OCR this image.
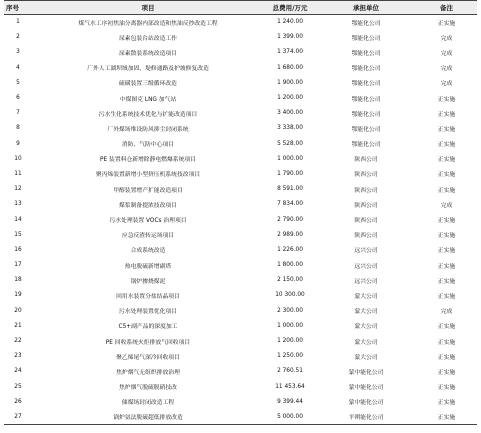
序号	项目	总费用/万元	承担单位	备注
1	煤气水工序初焦油分离器内部改造和焦油反抄改造工程	1 240.00	鄂能化公司	正实施
2	尿素包装台站改造工作	1 399.00	鄂能化公司	完成
3	尿素散装系统改造项目	1 374.00	鄂能化公司	完成
4	厂外人工湖坝域加固、堤修通路及护坡修复改造	1 680.00	鄂能化公司	完成
5	硫磺装置三级循环改造	1 900.00	鄂能化公司	完成
6	中煤图克 LNG 加气站	1 200.00	鄂能化公司	正实施
7	污水生化系统技术优化与扩能改造项目	3 400.00	鄂能化公司	正实施
8	厂外煤场堆设防风抑尘封闭系统	3 338.00	鄂能化公司	正实施
9	消防、气防中心项目	5 528.00	鄂能化公司	正实施
10	PE 装置料仓新增除静电燃爆系统项目	1 000.00	陕西公司	正实施
11	聚丙烯装置新增小型挤压机系统技改项目	1 790.00	陕西公司	正实施
12	甲醇装置增产扩能改造项目	8 591.00	陕西公司	正实施
13	煤浆制备提浓技改项目	7 834.00	陕西公司	完成
14	污水处理装置 VOCs 治理项目	2 790.00	陕西公司	正实施
15	应急反渣转运场项目	2 989.00	陕西公司	正实施
16	合成系统改造	1 226.00	远兴公司	正实施
17	热电脱硫新增副塔	1 800.00	远兴公司	正实施
18	锅炉掺烧煤泥	2 150.00	远兴公司	正实施
19	回用水装置分盐结晶项目	10 300.00	蒙大公司	正实施
20	污水处理装置优化项目	2 300.00	蒙大公司	完成
21	C5+副产品的深度加工	1 000.00	蒙大公司	正实施
22	PE 回收系统火炬排放气回收项目	1 200.00	蒙大公司	正实施
23	聚乙烯尾气深冷回收项目	1 250.00	蒙大公司	正实施
24	焦炉烟气无组织排放治理	2 760.51	蒙中能化公司	正实施
25	焦炉烟气脱硫脱硝技改	11 453.64	蒙中能化公司	正实施
26	储煤场封闭改造工程	9 399.44	蒙中能化公司	正实施
27	锅炉氨法脱硫超低排放改造	5 000.00	平朔能化公司	正实施
